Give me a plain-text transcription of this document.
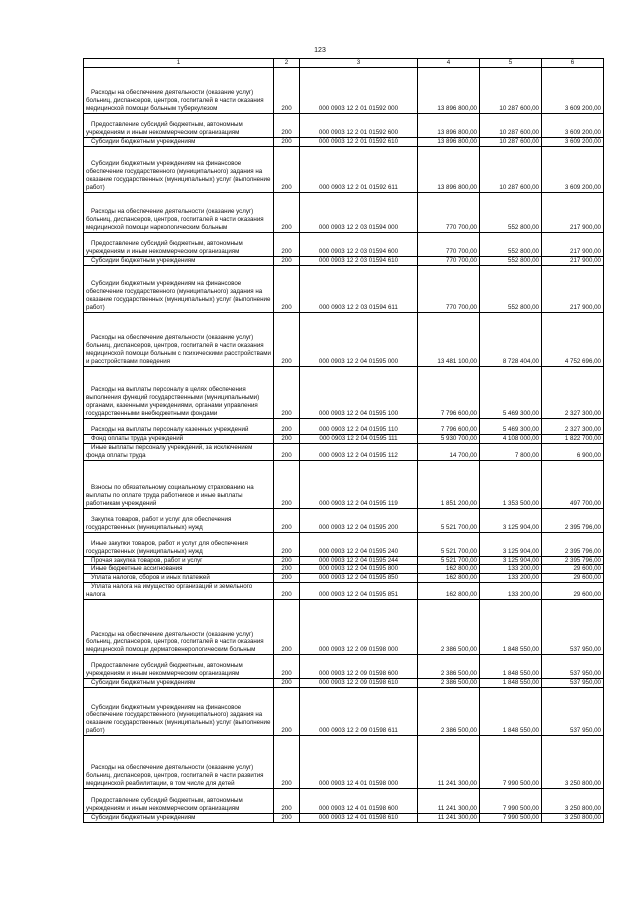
123
1	2	3	4	5	6
Расходы на обеспечение деятельности (оказание услуг) больниц, диспансеров, центров, госпиталей в части оказания медицинской помощи больным туберкулезом	200	000 0903 12 2 01 01592 000	13 896 800,00	10 287 600,00	3 609 200,00
Предоставление субсидий бюджетным, автономным учреждениям и иным некоммерческим организациям	200	000 0903 12 2 01 01592 600	13 896 800,00	10 287 600,00	3 609 200,00
Субсидии бюджетным учреждениям	200	000 0903 12 2 01 01592 610	13 896 800,00	10 287 600,00	3 609 200,00
Субсидии бюджетным учреждениям на финансовое обеспечение государственного (муниципального) задания на оказание государственных (муниципальных) услуг (выполнение работ)	200	000 0903 12 2 01 01592 611	13 896 800,00	10 287 600,00	3 609 200,00
Расходы на обеспечение деятельности (оказание услуг) больниц, диспансеров, центров, госпиталей в части оказания медицинской помощи наркологическим больным	200	000 0903 12 2 03 01594 000	770 700,00	552 800,00	217 900,00
Предоставление субсидий бюджетным, автономным учреждениям и иным некоммерческим организациям	200	000 0903 12 2 03 01594 600	770 700,00	552 800,00	217 900,00
Субсидии бюджетным учреждениям	200	000 0903 12 2 03 01594 610	770 700,00	552 800,00	217 900,00
Субсидии бюджетным учреждениям на финансовое обеспечение государственного (муниципального) задания на оказание государственных (муниципальных) услуг (выполнение работ)	200	000 0903 12 2 03 01594 611	770 700,00	552 800,00	217 900,00
Расходы на обеспечение деятельности (оказание услуг) больниц, диспансеров, центров, госпиталей в части оказания медицинской помощи больным с психическими расстройствами и расстройствами поведения	200	000 0903 12 2 04 01595 000	13 481 100,00	8 728 404,00	4 752 696,00
Расходы на выплаты персоналу в целях обеспечения выполнения функций государственными (муниципальными) органами, казенными учреждениями, органами управления государственными внебюджетными фондами	200	000 0903 12 2 04 01595 100	7 796 600,00	5 469 300,00	2 327 300,00
Расходы на выплаты персоналу казенных учреждений	200	000 0903 12 2 04 01595 110	7 796 600,00	5 469 300,00	2 327 300,00
Фонд оплаты труда учреждений	200	000 0903 12 2 04 01595 111	5 930 700,00	4 108 000,00	1 822 700,00
Иные выплаты персоналу учреждений, за исключением фонда оплаты труда	200	000 0903 12 2 04 01595 112	14 700,00	7 800,00	6 900,00
Взносы по обязательному социальному страхованию на выплаты по оплате труда работников и иные выплаты работникам учреждений	200	000 0903 12 2 04 01595 119	1 851 200,00	1 353 500,00	497 700,00
Закупка товаров, работ и услуг для обеспечения государственных (муниципальных) нужд	200	000 0903 12 2 04 01595 200	5 521 700,00	3 125 904,00	2 395 796,00
Иные закупки товаров, работ и услуг для обеспечения государственных (муниципальных) нужд	200	000 0903 12 2 04 01595 240	5 521 700,00	3 125 904,00	2 395 796,00
Прочая закупка товаров, работ и услуг	200	000 0903 12 2 04 01595 244	5 521 700,00	3 125 904,00	2 395 796,00
Иные бюджетные ассигнования	200	000 0903 12 2 04 01595 800	162 800,00	133 200,00	29 600,00
Уплата налогов, сборов и иных платежей	200	000 0903 12 2 04 01595 850	162 800,00	133 200,00	29 600,00
Уплата налога на имущество организаций и земельного налога	200	000 0903 12 2 04 01595 851	162 800,00	133 200,00	29 600,00
Расходы на обеспечение деятельности (оказание услуг) больниц, диспансеров, центров, госпиталей в части оказания медицинской помощи дерматовенерологическим больным	200	000 0903 12 2 09 01598 000	2 386 500,00	1 848 550,00	537 950,00
Предоставление субсидий бюджетным, автономным учреждениям и иным некоммерческим организациям	200	000 0903 12 2 09 01598 600	2 386 500,00	1 848 550,00	537 950,00
Субсидии бюджетным учреждениям	200	000 0903 12 2 09 01598 610	2 386 500,00	1 848 550,00	537 950,00
Субсидии бюджетным учреждениям на финансовое обеспечение государственного (муниципального) задания на оказание государственных (муниципальных) услуг (выполнение работ)	200	000 0903 12 2 09 01598 611	2 386 500,00	1 848 550,00	537 950,00
Расходы на обеспечение деятельности (оказание услуг) больниц, диспансеров, центров, госпиталей в части развития медицинской реабилитации, в том числе для детей	200	000 0903 12 4 01 01598 000	11 241 300,00	7 990 500,00	3 250 800,00
Предоставление субсидий бюджетным, автономным учреждениям и иным некоммерческим организациям	200	000 0903 12 4 01 01598 600	11 241 300,00	7 990 500,00	3 250 800,00
Субсидии бюджетным учреждениям	200	000 0903 12 4 01 01598 610	11 241 300,00	7 990 500,00	3 250 800,00
